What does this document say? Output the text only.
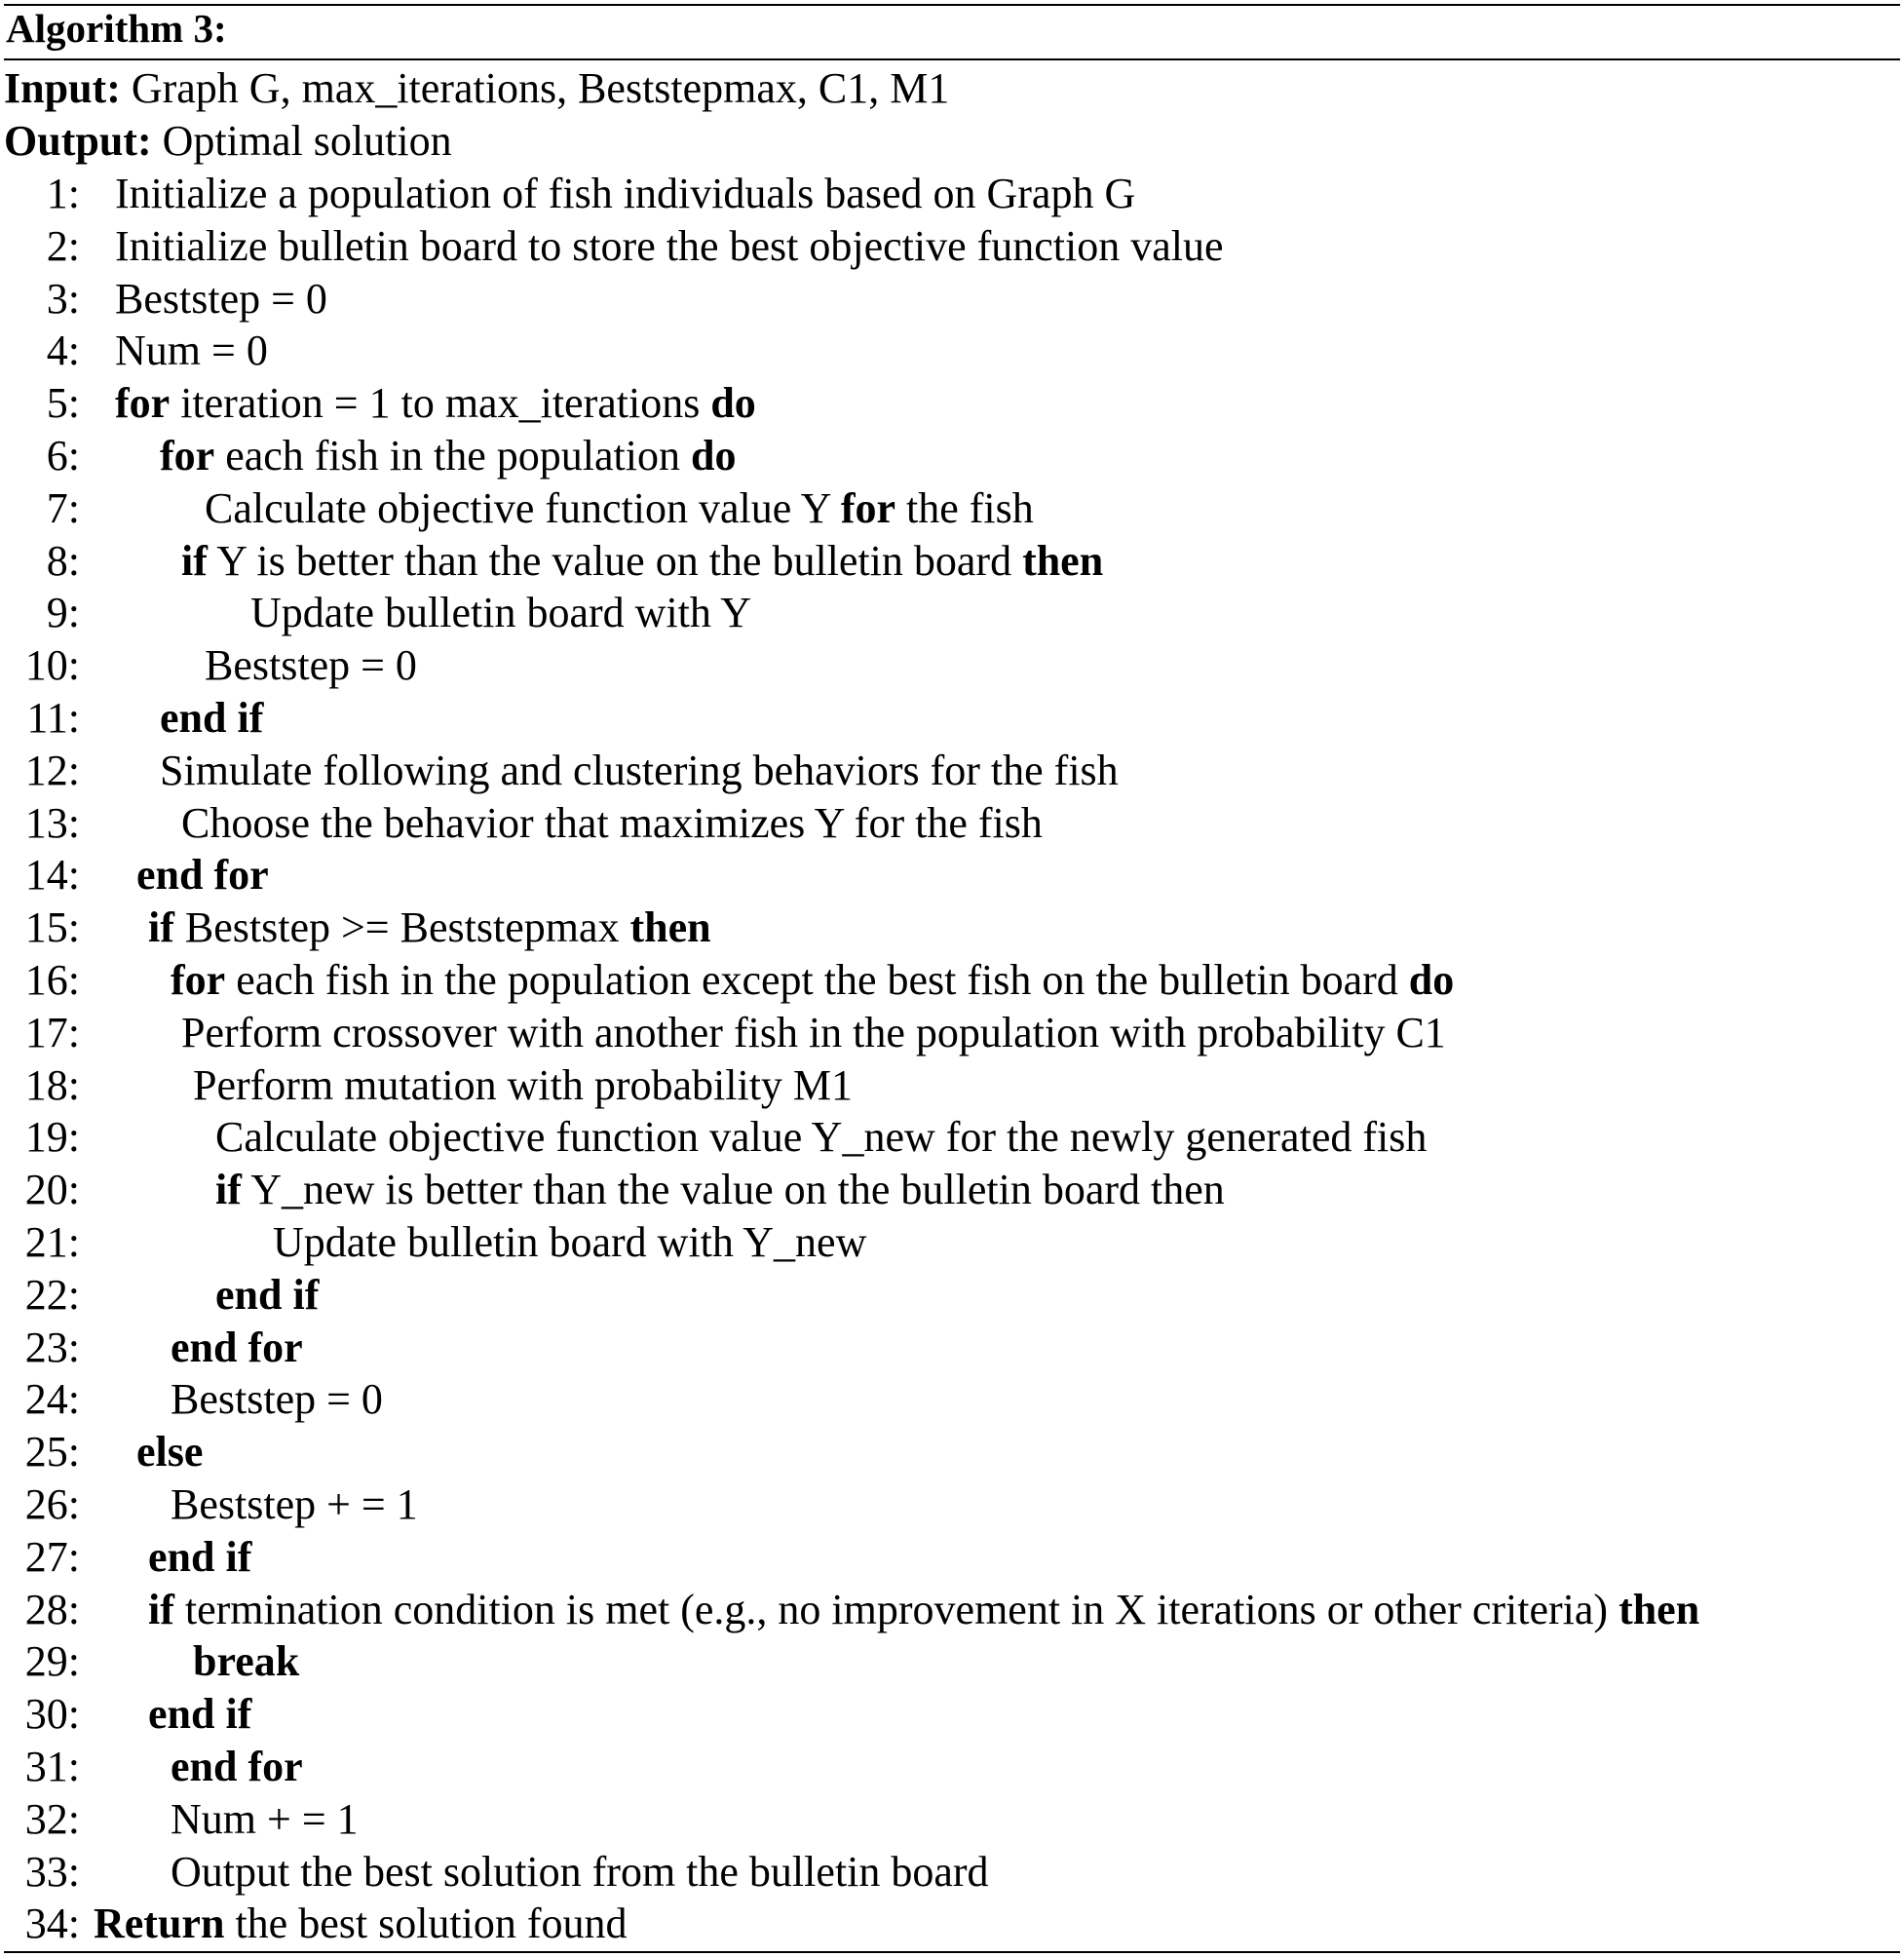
Algorithm 3:
Input: Graph G, max_iterations, Beststepmax, C1, M1
Output: Optimal solution
1: Initialize a population of fish individuals based on Graph G
2: Initialize bulletin board to store the best objective function value
3: Beststep = 0
4: Num = 0
5: for iteration = 1 to max_iterations do
6: for each fish in the population do
7:	Calculate objective function value Y for the fish
8: if Y is better than the value on the bulletin board then
9:	Update bulletin board with Y
10:	Beststep = 0
11: end if
12: Simulate following and clustering behaviors for the fish
13: Choose the behavior that maximizes Y for the fish
14: end for
15: if Beststep >= Beststepmax then
16: for each fish in the population except the best fish on the bulletin board do
17: Perform crossover with another fish in the population with probability C1
18:	Perform mutation with probability M1
19:	Calculate objective function value Y_new for the newly generated fish
20:	if Y_new is better than the value on the bulletin board then
21:	Update bulletin board with Y_new
22:	end if
23: end for
24: Beststep = 0
25: else
26: Beststep + = 1
27: end if
28: if termination condition is met (e.g., no improvement in X iterations or other criteria) then
29:	break
30: end if
31: end for
32: Num + = 1
33: Output the best solution from the bulletin board
34: Return the best solution found
